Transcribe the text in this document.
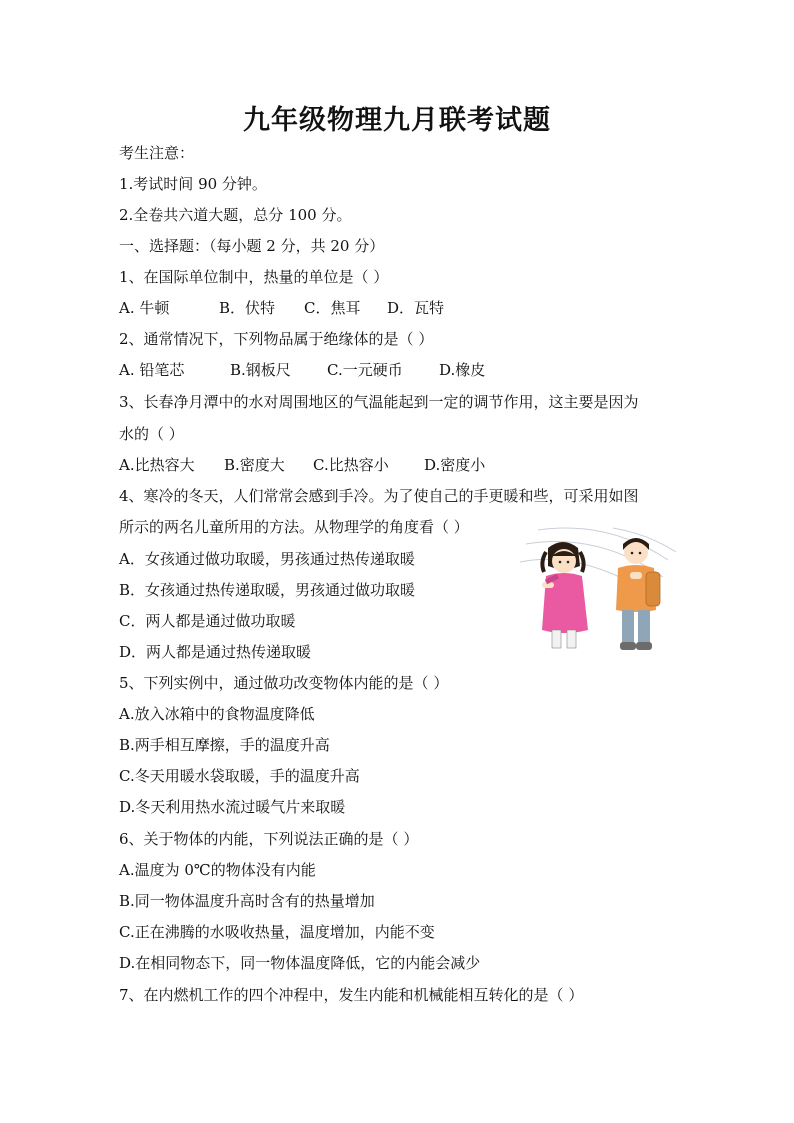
九年级物理九月联考试题
考生注意：
1.考试时间 90 分钟。
2.全卷共六道大题，总分 100 分。
一、选择题：（每小题 2 分，共 20 分）
1、在国际单位制中，热量的单位是（ ）
A. 牛顿	B．伏特 C．焦耳 D．瓦特
2、通常情况下，下列物品属于绝缘体的是（ ）
A. 铅笔芯	B.钢板尺 C.一元硬币 D.橡皮
3、长春净月潭中的水对周围地区的气温能起到一定的调节作用，这主要是因为
水的（ ）
A.比热容大 B.密度大 C.比热容小 D.密度小
4、寒冷的冬天，人们常常会感到手冷。为了使自己的手更暖和些，可采用如图
所示的两名儿童所用的方法。从物理学的角度看（ ）
A．女孩通过做功取暖，男孩通过热传递取暖
B．女孩通过热传递取暖，男孩通过做功取暖
C．两人都是通过做功取暖
D．两人都是通过热传递取暖
5、下列实例中，通过做功改变物体内能的是（ ）
A.放入冰箱中的食物温度降低
B.两手相互摩擦，手的温度升高
C.冬天用暖水袋取暖，手的温度升高
D.冬天利用热水流过暖气片来取暖
6、关于物体的内能，下列说法正确的是（ ）
A.温度为 0℃的物体没有内能
B.同一物体温度升高时含有的热量增加
C.正在沸腾的水吸收热量，温度增加，内能不变
D.在相同物态下，同一物体温度降低，它的内能会减少
7、在内燃机工作的四个冲程中，发生内能和机械能相互转化的是（ ）
